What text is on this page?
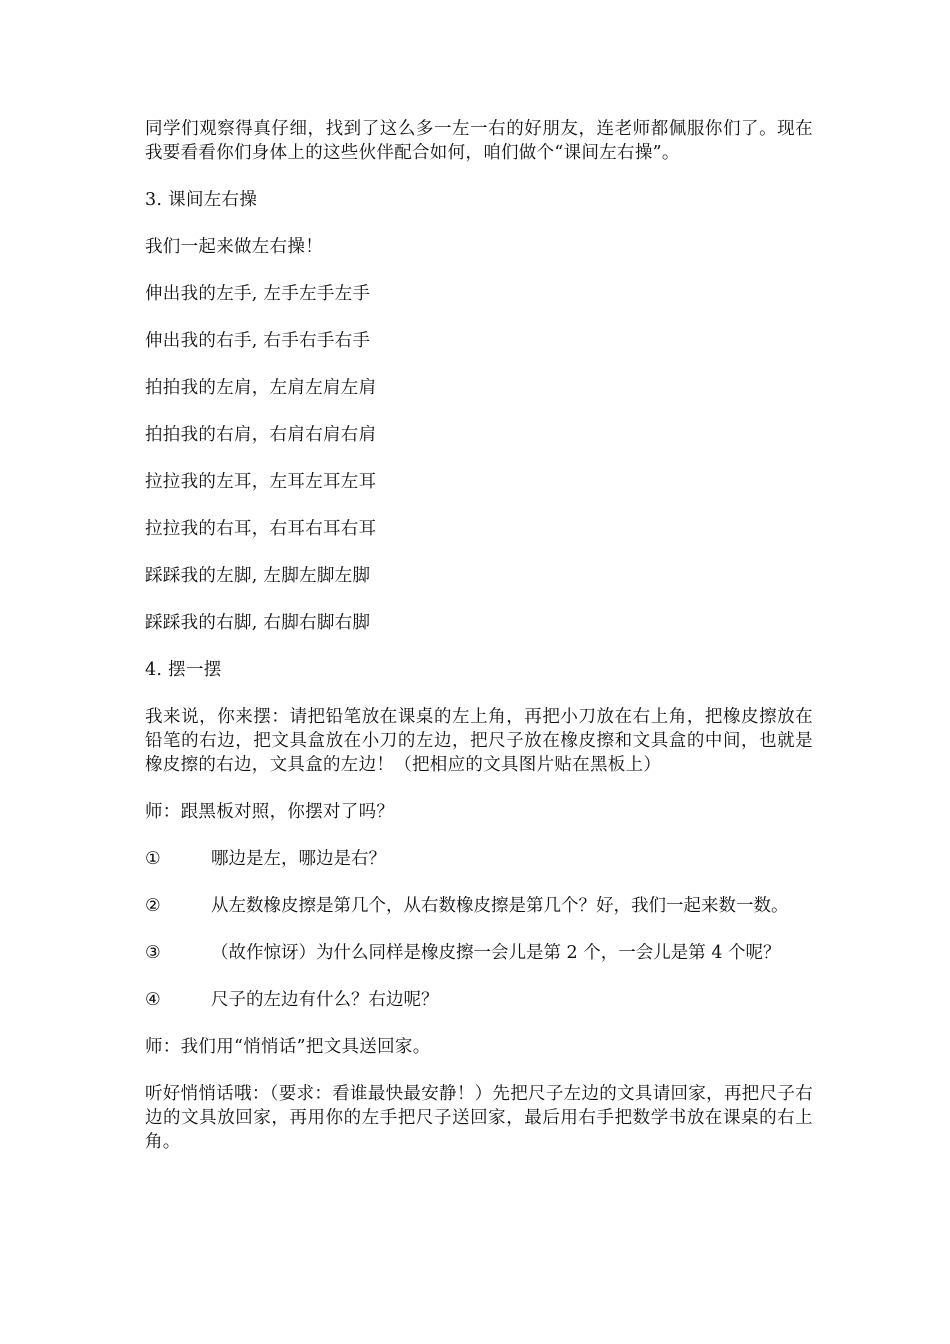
同学们观察得真仔细，找到了这么多一左一右的好朋友，连老师都佩服你们了。现在我要看看你们身体上的这些伙伴配合如何，咱们做个“课间左右操”。

3. 课间左右操

我们一起来做左右操！

伸出我的左手, 左手左手左手

伸出我的右手, 右手右手右手

拍拍我的左肩，左肩左肩左肩

拍拍我的右肩，右肩右肩右肩

拉拉我的左耳，左耳左耳左耳

拉拉我的右耳，右耳右耳右耳

踩踩我的左脚, 左脚左脚左脚

踩踩我的右脚, 右脚右脚右脚

4. 摆一摆

我来说，你来摆：请把铅笔放在课桌的左上角，再把小刀放在右上角，把橡皮擦放在铅笔的右边，把文具盒放在小刀的左边，把尺子放在橡皮擦和文具盒的中间，也就是橡皮擦的右边，文具盒的左边！（把相应的文具图片贴在黑板上）

师：跟黑板对照，你摆对了吗？

①	哪边是左，哪边是右？
②	从左数橡皮擦是第几个，从右数橡皮擦是第几个？好，我们一起来数一数。
③	（故作惊讶）为什么同样是橡皮擦一会儿是第 2 个，一会儿是第 4 个呢？
④	尺子的左边有什么？右边呢？

师：我们用“悄悄话”把文具送回家。

听好悄悄话哦：（要求：看谁最快最安静！）先把尺子左边的文具请回家，再把尺子右边的文具放回家，再用你的左手把尺子送回家，最后用右手把数学书放在课桌的右上角。
